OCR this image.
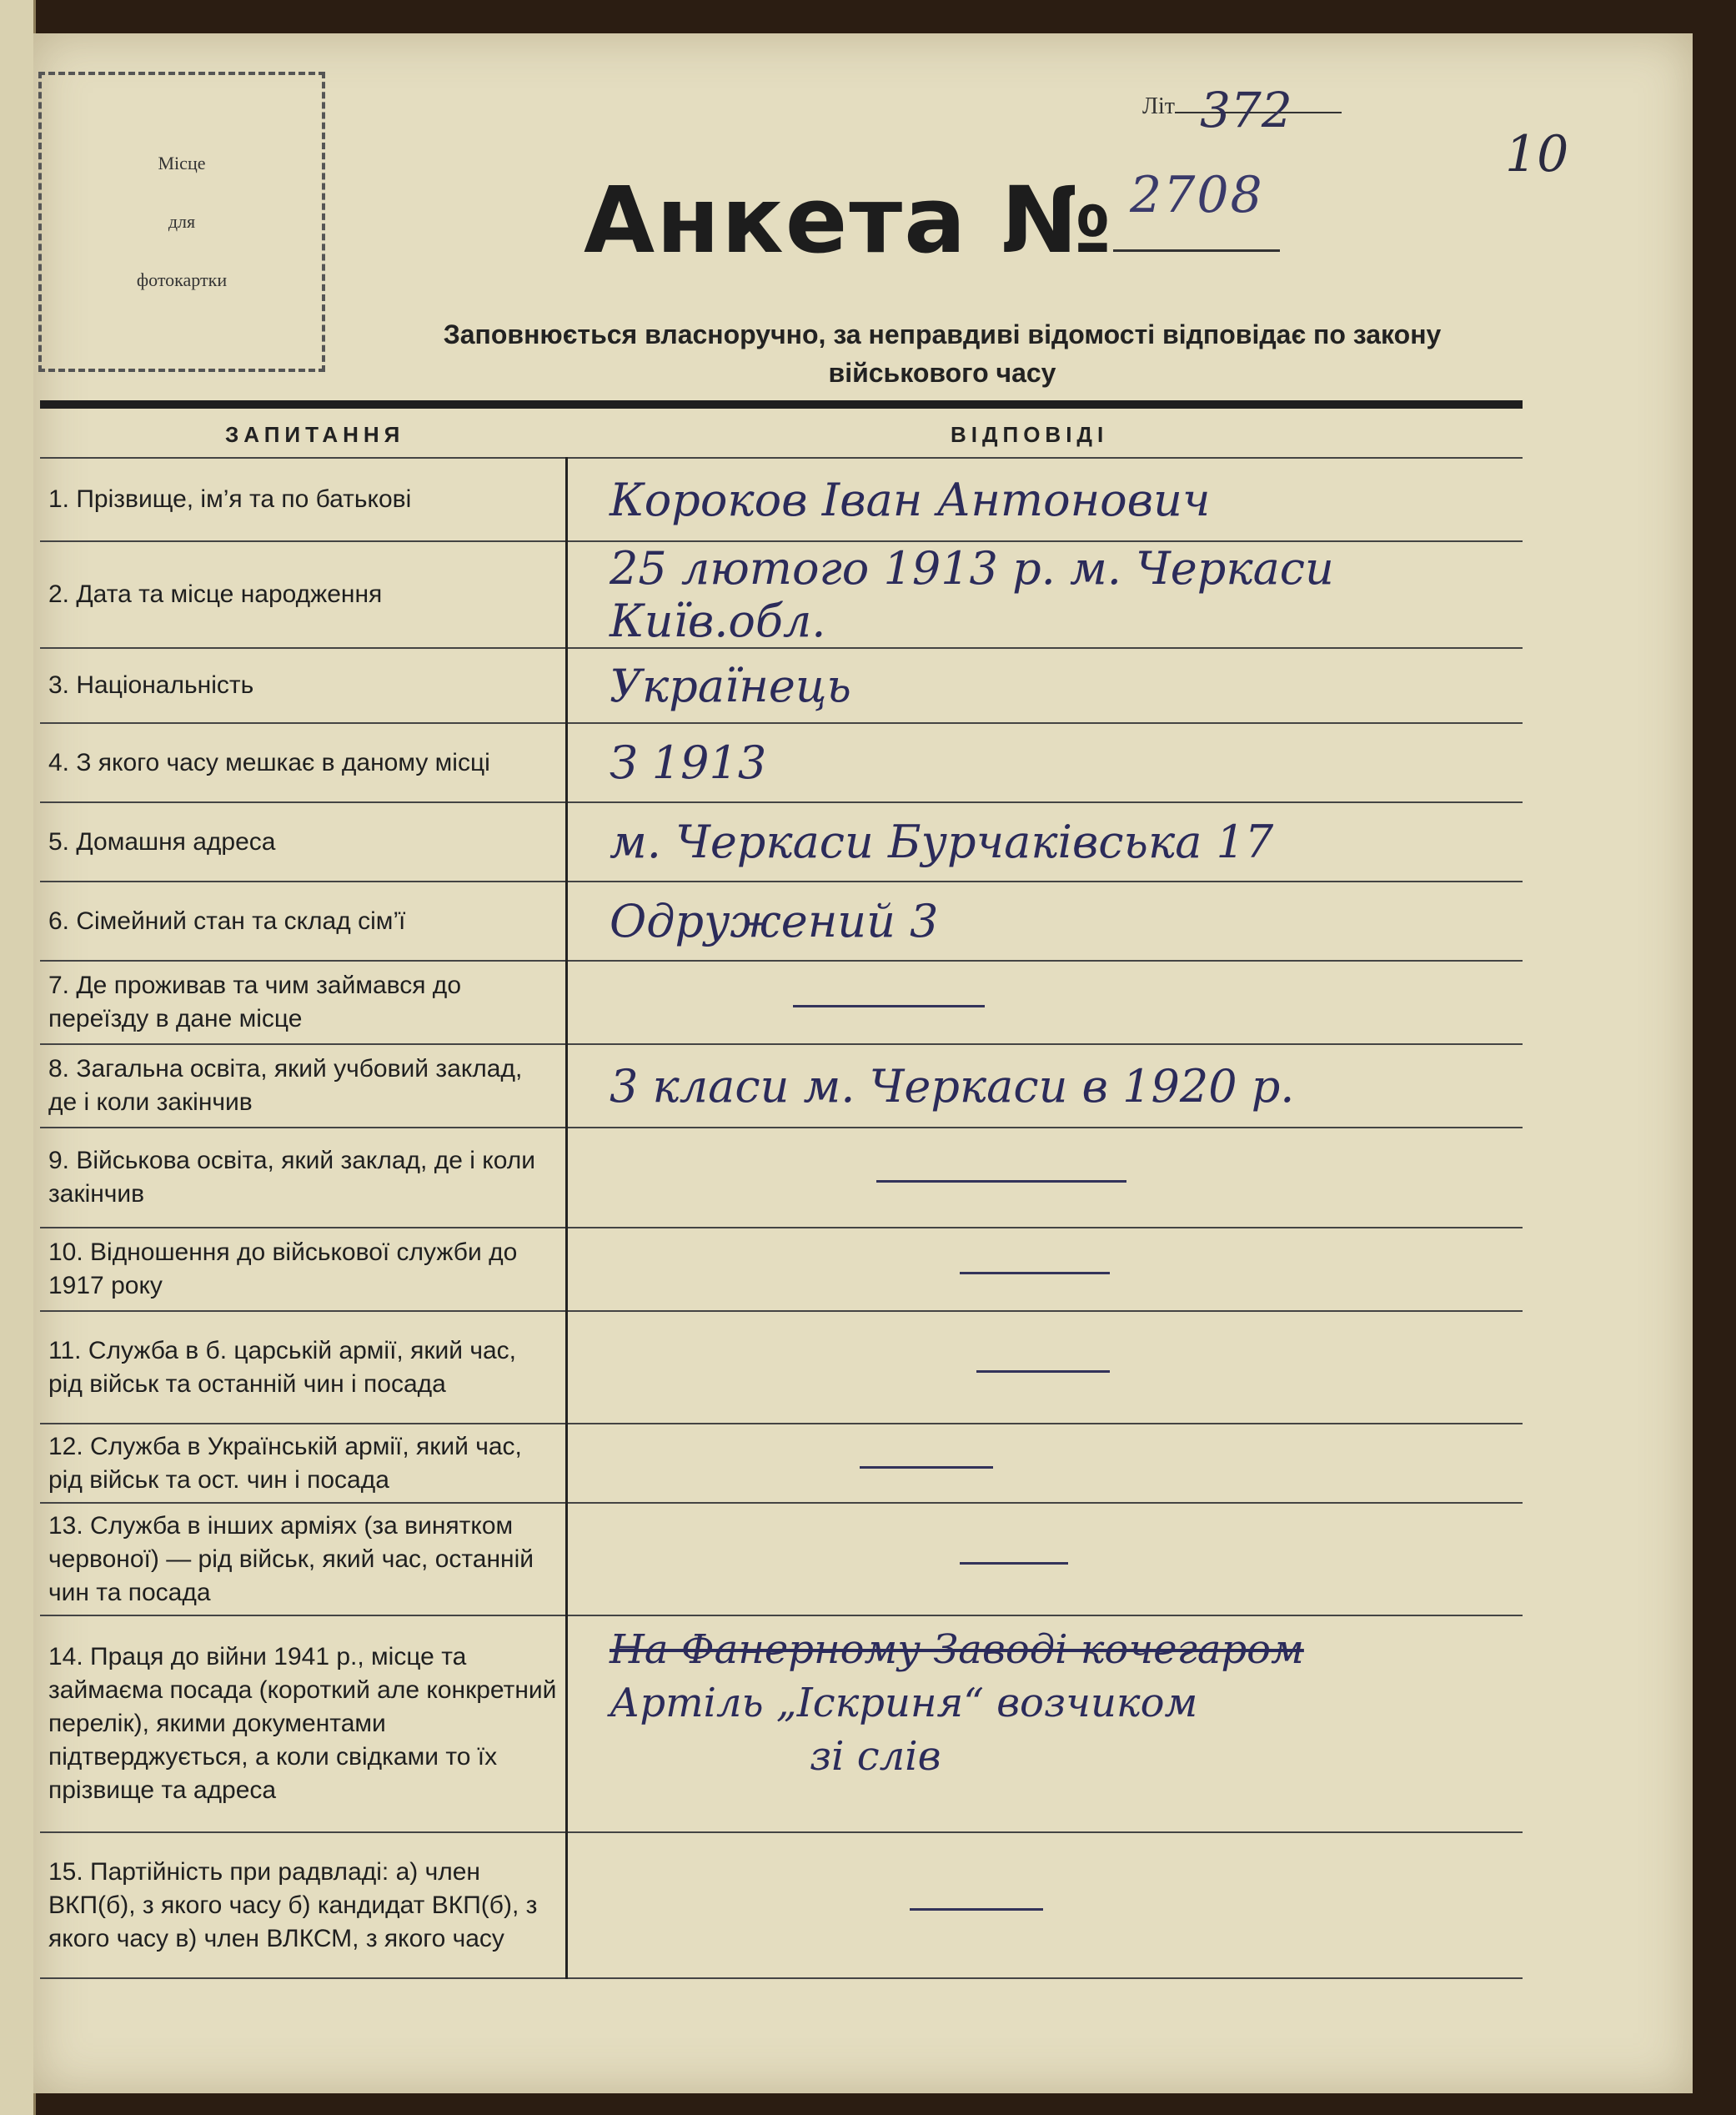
Місце
для
фотокартки
Літ 372
10
Анкета № 2708
Заповнюється власноручно, за неправдиві відомості відповідає по закону військового часу
ЗАПИТАННЯ	ВІДПОВІДІ
1. Прізвище, ім’я та по батькові	Короков Іван Антонович
2. Дата та місце народження	25 лютого 1913 р. м. Черкаси Київ.обл.
3. Національність	Українець
4. З якого часу мешкає в даному місці	З 1913
5. Домашня адреса	м. Черкаси Бурчаківська 17
6. Сімейний стан та склад сім’ї	Одружений 3
7. Де проживав та чим займався до переїзду в дане місце	
8. Загальна освіта, який учбовий заклад, де і коли закінчив	3 класи м. Черкаси в 1920 р.
9. Військова освіта, який заклад, де і коли закінчив	
10. Відношення до військової служби до 1917 року	
11. Служба в б. царській армії, який час, рід військ та останній чин і посада	
12. Служба в Українській армії, який час, рід військ та ост. чин і посада	
13. Служба в інших арміях (за винятком червоної) — рід військ, який час, останній чин та посада	
14. Праця до війни 1941 р., місце та займаєма посада (короткий але конкретний перелік), якими документами підтверджується, а коли свідками то їх прізвище та адреса	На Фанерному Заводі кочегаром
Артіль „Іскриня“ возчиком
зі слів

15. Партійність при радвладі: а) член ВКП(б), з якого часу б) кандидат ВКП(б), з якого часу в) член ВЛКСМ, з якого часу	
